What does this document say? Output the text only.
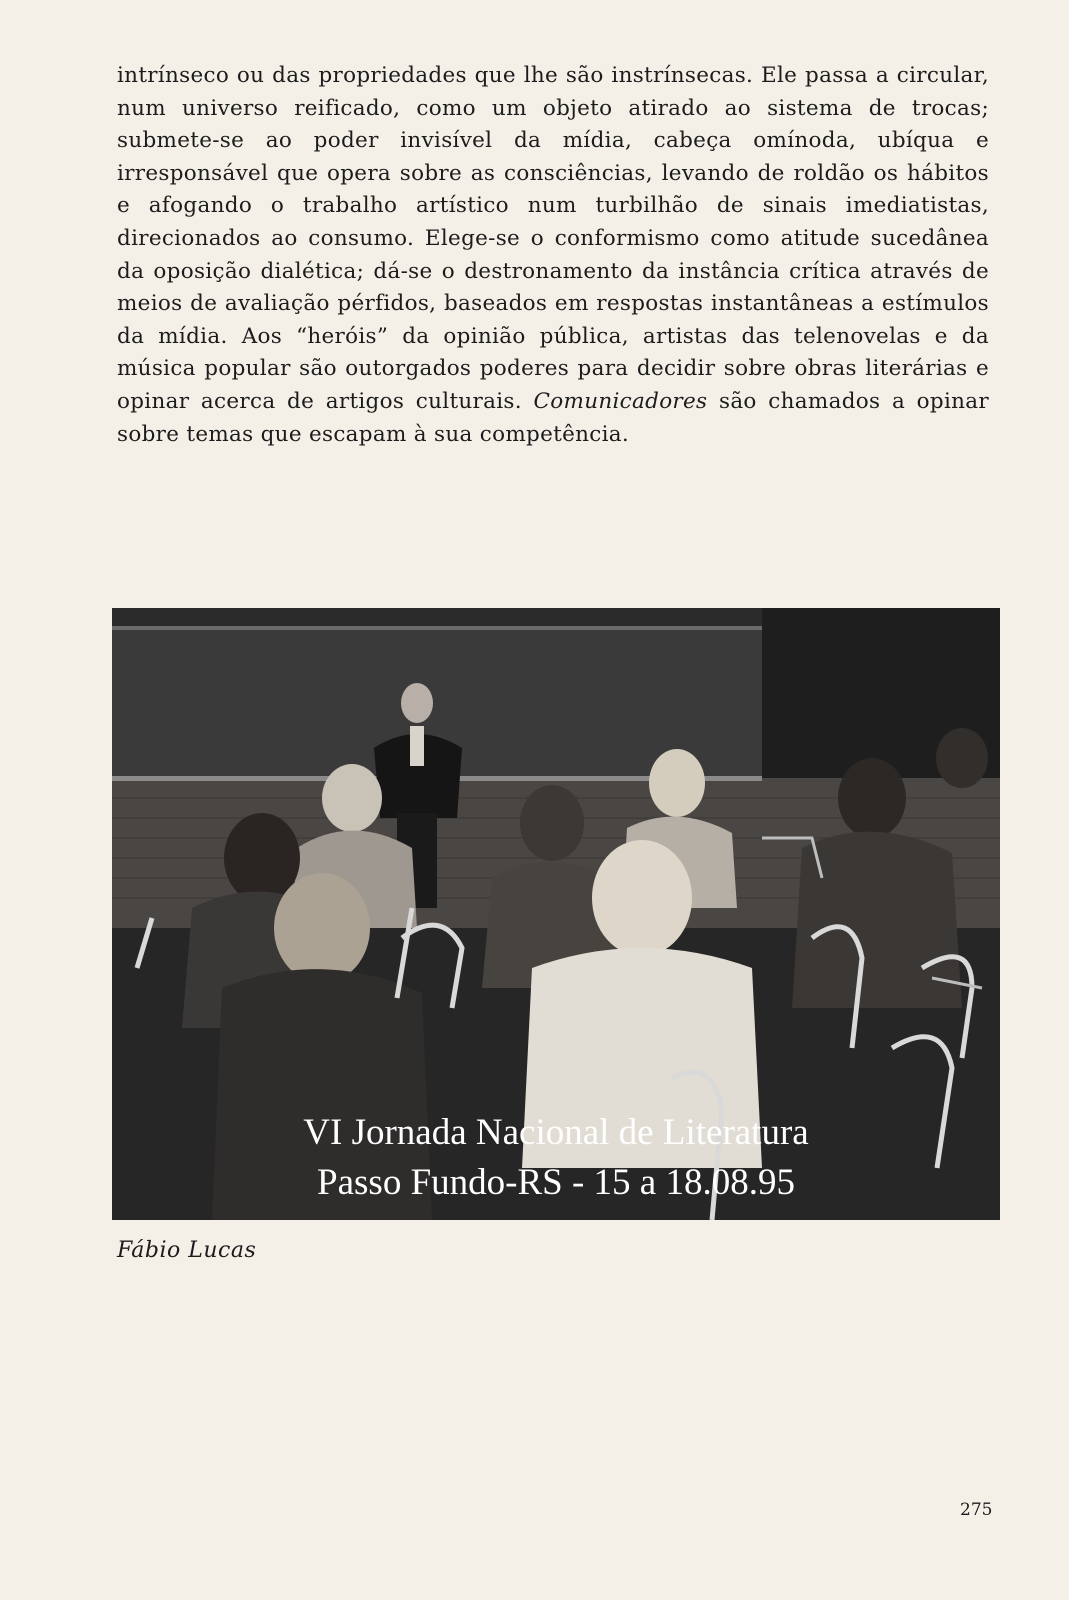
intrínseco ou das propriedades que lhe são instrínsecas. Ele passa a circular, num universo reificado, como um objeto atirado ao sistema de trocas; submete-se ao poder invisível da mídia, cabeça omínoda, ubíqua e irresponsável que opera sobre as consciências, levando de roldão os hábitos e afogando o trabalho artístico num turbilhão de sinais imediatistas, direcionados ao consumo. Elege-se o conformismo como atitude sucedânea da oposição dialética; dá-se o destronamento da instância crítica através de meios de avaliação pérfidos, baseados em respostas instantâneas a estímulos da mídia. Aos “heróis” da opinião pública, artistas das telenovelas e da música popular são outorgados poderes para decidir sobre obras literárias e opinar acerca de artigos culturais. Comunicadores são chamados a opinar sobre temas que escapam à sua competência.

VI Jornada Nacional de Literatura
Passo Fundo-RS - 15 a 18.08.95
Fábio Lucas
275
